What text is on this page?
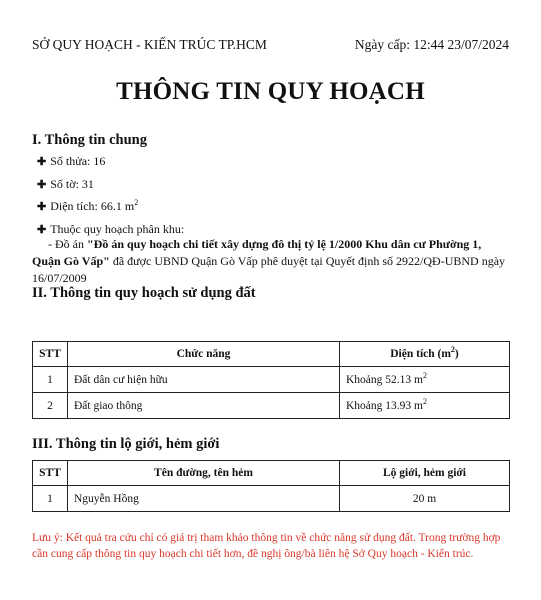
SỞ QUY HOẠCH - KIẾN TRÚC TP.HCM	Ngày cấp: 12:44 23/07/2024
THÔNG TIN QUY HOẠCH
I. Thông tin chung
✚ Số thửa: 16
✚ Số tờ: 31
✚ Diện tích: 66.1 $m^2$
✚ Thuộc quy hoạch phân khu:
- Đồ án "Đồ án quy hoạch chi tiết xây dựng đô thị tỷ lệ 1/2000 Khu dân cư Phường 1, Quận Gò Vấp" đã được UBND Quận Gò Vấp phê duyệt tại Quyết định số 2922/QĐ-UBND ngày 16/07/2009
II. Thông tin quy hoạch sử dụng đất
STT	Chức năng	Diện tích $(m^2)$
1	Đất dân cư hiện hữu	Khoảng 52.13 $m^2$
2	Đất giao thông	Khoảng 13.93 $m^2$
III. Thông tin lộ giới, hẻm giới
STT	Tên đường, tên hẻm	Lộ giới, hẻm giới
1	Nguyễn Hồng	20 m
Lưu ý: Kết quả tra cứu chỉ có giá trị tham khảo thông tin về chức năng sử dụng đất. Trong trường hợp cần cung cấp thông tin quy hoạch chi tiết hơn, đề nghị ông/bà liên hệ Sở Quy hoạch - Kiến trúc.
